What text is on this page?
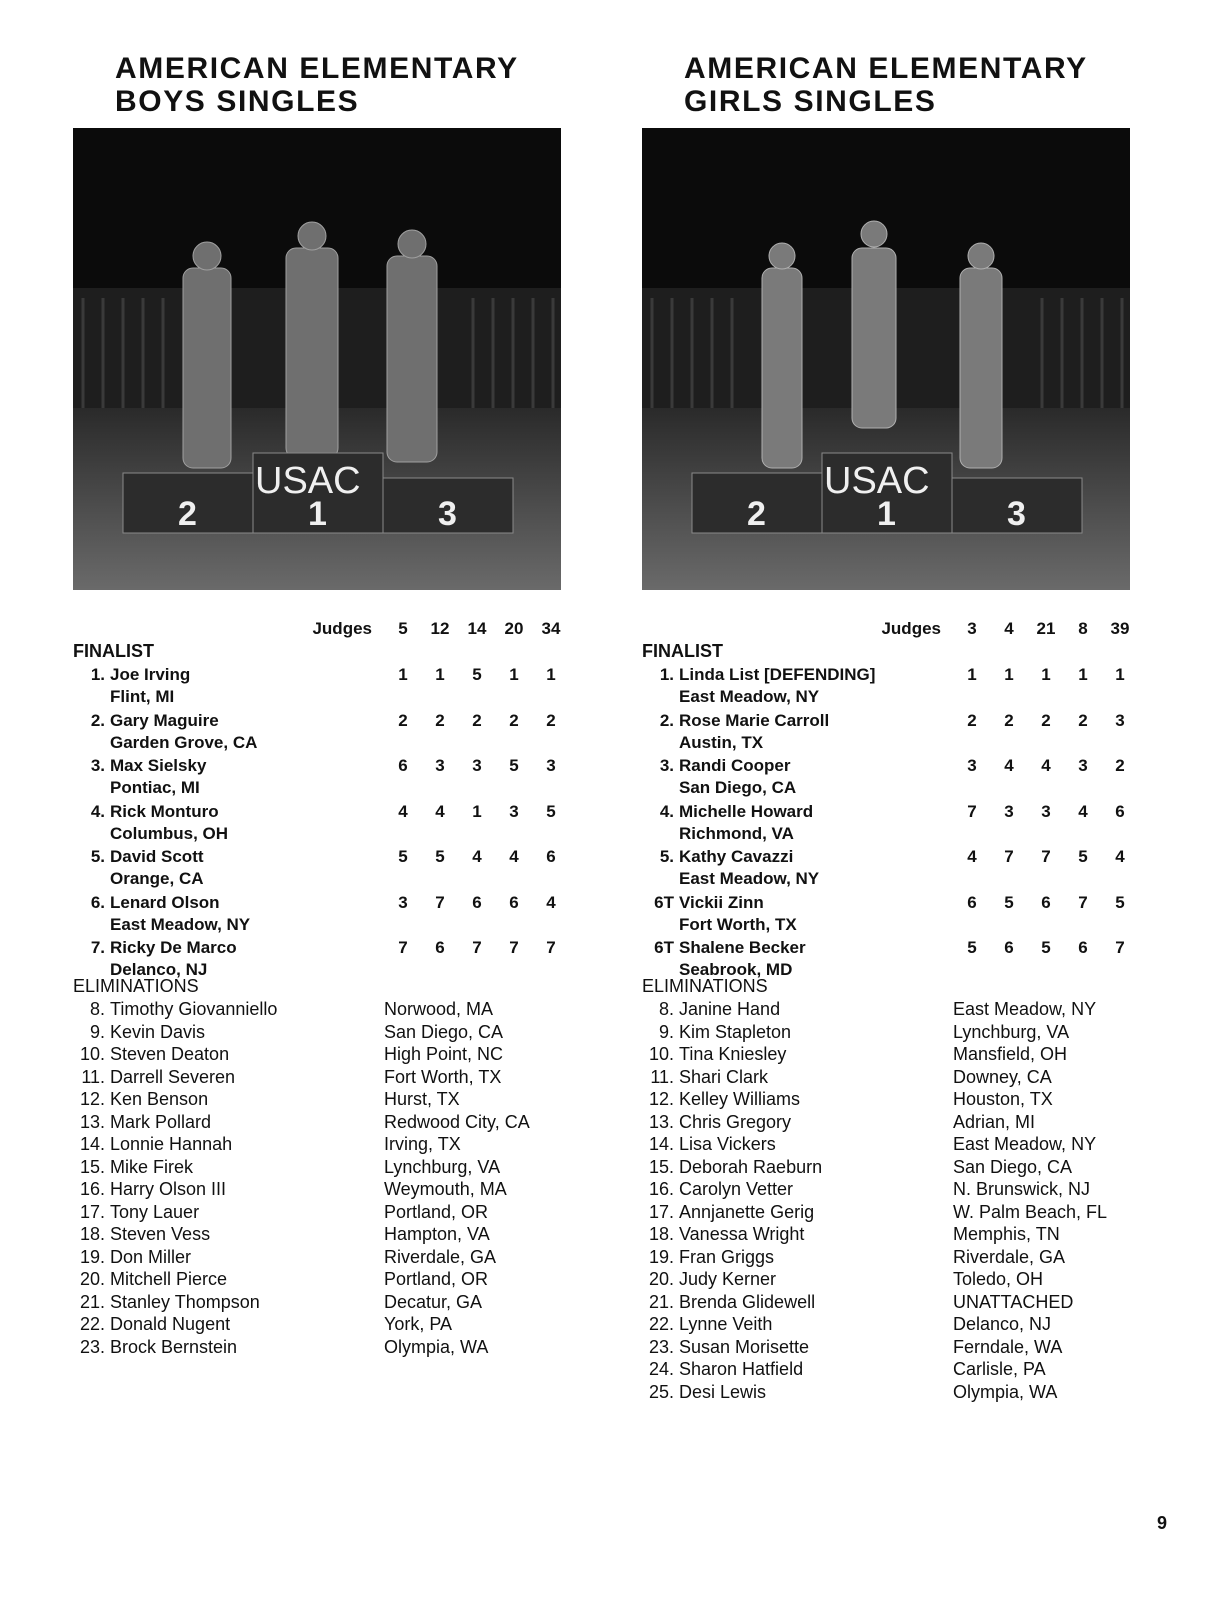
AMERICAN ELEMENTARY
BOYS SINGLES
USAC
2	1	3
Judges	5	12	14	20	34
FINALIST
1. Joe Irving
Flint, MI
1	1	5	1	1
2. Gary Maguire
Garden Grove, CA
2	2	2	2	2
3. Max Sielsky
Pontiac, MI
6	3	3	5	3
4. Rick Monturo
Columbus, OH
4	4	1	3	5
5. David Scott
Orange, CA
5	5	4	4	6
6. Lenard Olson
East Meadow, NY
3	7	6	6	4
7. Ricky De Marco
Delanco, NJ
7	6	7	7	7
ELIMINATIONS
8. Timothy Giovanniello	Norwood, MA
9. Kevin Davis	San Diego, CA
10. Steven Deaton	High Point, NC
11. Darrell Severen	Fort Worth, TX
12. Ken Benson	Hurst, TX
13. Mark Pollard	Redwood City, CA
14. Lonnie Hannah	Irving, TX
15. Mike Firek	Lynchburg, VA
16. Harry Olson III	Weymouth, MA
17. Tony Lauer	Portland, OR
18. Steven Vess	Hampton, VA
19. Don Miller	Riverdale, GA
20. Mitchell Pierce	Portland, OR
21. Stanley Thompson	Decatur, GA
22. Donald Nugent	York, PA
23. Brock Bernstein	Olympia, WA
AMERICAN ELEMENTARY
GIRLS SINGLES
USAC
2	1	3
Judges	3	4	21	8	39
FINALIST
1. Linda List [DEFENDING]
East Meadow, NY
1	1	1	1	1
2. Rose Marie Carroll
Austin, TX
2	2	2	2	3
3. Randi Cooper
San Diego, CA
3	4	4	3	2
4. Michelle Howard
Richmond, VA
7	3	3	4	6
5. Kathy Cavazzi
East Meadow, NY
4	7	7	5	4
6T Vickii Zinn
Fort Worth, TX
6	5	6	7	5
6T Shalene Becker
Seabrook, MD
5	6	5	6	7
ELIMINATIONS
8. Janine Hand	East Meadow, NY
9. Kim Stapleton	Lynchburg, VA
10. Tina Kniesley	Mansfield, OH
11. Shari Clark	Downey, CA
12. Kelley Williams	Houston, TX
13. Chris Gregory	Adrian, MI
14. Lisa Vickers	East Meadow, NY
15. Deborah Raeburn	San Diego, CA
16. Carolyn Vetter	N. Brunswick, NJ
17. Annjanette Gerig	W. Palm Beach, FL
18. Vanessa Wright	Memphis, TN
19. Fran Griggs	Riverdale, GA
20. Judy Kerner	Toledo, OH
21. Brenda Glidewell	UNATTACHED
22. Lynne Veith	Delanco, NJ
23. Susan Morisette	Ferndale, WA
24. Sharon Hatfield	Carlisle, PA
25. Desi Lewis	Olympia, WA
9
